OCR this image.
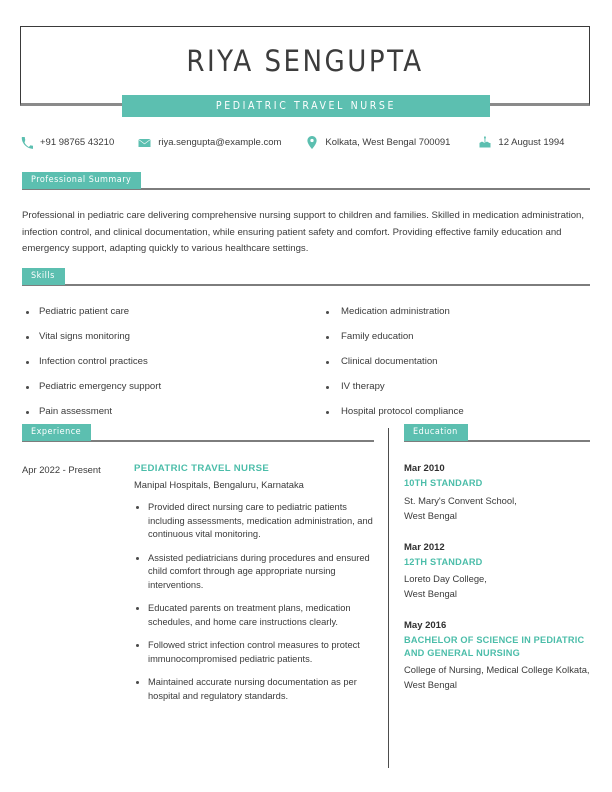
RIYA SENGUPTA
PEDIATRIC TRAVEL NURSE
+91 98765 43210	riya.sengupta@example.com	Kolkata, West Bengal 700091	12 August 1994
Professional Summary
Professional in pediatric care delivering comprehensive nursing support to children and families. Skilled in medication administration, infection control, and clinical documentation, while ensuring patient safety and comfort. Providing effective family education and emergency support, adapting quickly to various healthcare settings.
Skills
Pediatric patient care
Vital signs monitoring
Infection control practices
Pediatric emergency support
Pain assessment
Medication administration
Family education
Clinical documentation
IV therapy
Hospital protocol compliance
Experience
Apr 2022 - Present	PEDIATRIC TRAVEL NURSE
Manipal Hospitals, Bengaluru, Karnataka
Provided direct nursing care to pediatric patients including assessments, medication administration, and continuous vital monitoring.
Assisted pediatricians during procedures and ensured child comfort through age appropriate nursing interventions.
Educated parents on treatment plans, medication schedules, and home care instructions clearly.
Followed strict infection control measures to protect immunocompromised pediatric patients.
Maintained accurate nursing documentation as per hospital and regulatory standards.
Education
Mar 2010
10TH STANDARD
St. Mary's Convent School,
West Bengal
Mar 2012
12TH STANDARD
Loreto Day College,
West Bengal
May 2016
BACHELOR OF SCIENCE IN PEDIATRIC AND GENERAL NURSING
College of Nursing, Medical College Kolkata,
West Bengal
